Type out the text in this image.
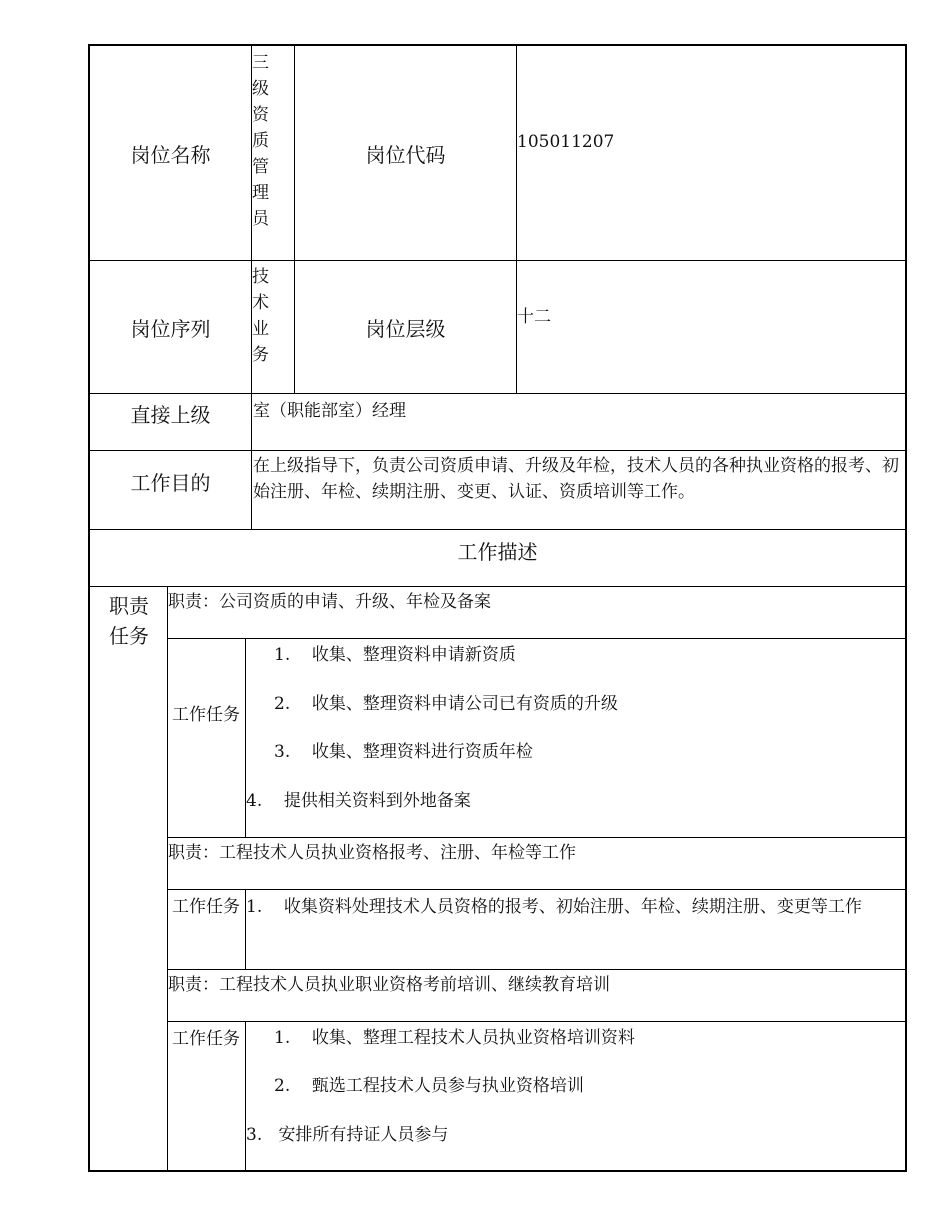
岗位名称
三级资质管理员
岗位代码
105011207
岗位序列
技术业务
岗位层级	十二
直接上级	室（职能部室）经理
工作目的
在上级指导下，负责公司资质申请、升级及年检，技术人员的各种执业资格的报考、初始注册、年检、续期注册、变更、认证、资质培训等工作。
工作描述
职责任务
职责：公司资质的申请、升级、年检及备案
工作任务
1.    收集、整理资料申请新资质
2.    收集、整理资料申请公司已有资质的升级
3.    收集、整理资料进行资质年检
4.    提供相关资料到外地备案
职责：工程技术人员执业资格报考、注册、年检等工作
工作任务 1.    收集资料处理技术人员资格的报考、初始注册、年检、续期注册、变更等工作
职责：工程技术人员执业职业资格考前培训、继续教育培训
工作任务 1.    收集、整理工程技术人员执业资格培训资料
2.    甄选工程技术人员参与执业资格培训
3.   安排所有持证人员参与
